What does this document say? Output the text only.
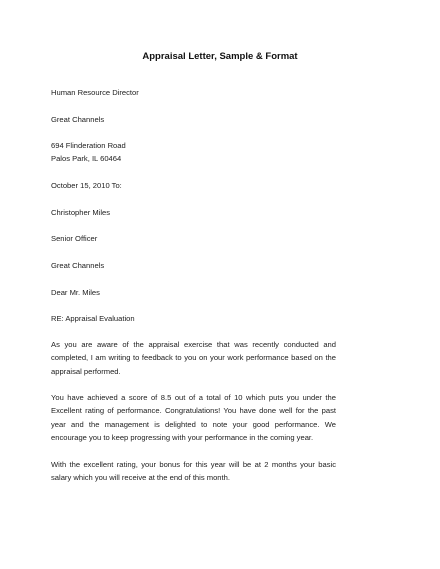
Appraisal Letter, Sample & Format
Human Resource Director
Great Channels
694 Flinderation Road
Palos Park, IL 60464
October 15, 2010 To:
Christopher Miles
Senior Officer
Great Channels
Dear Mr. Miles
RE: Appraisal Evaluation
As you are aware of the appraisal exercise that was recently conducted and completed, I am writing to feedback to you on your work performance based on the appraisal performed.
You have achieved a score of 8.5 out of a total of 10 which puts you under the Excellent rating of performance. Congratulations! You have done well for the past year and the management is delighted to note your good performance. We encourage you to keep progressing with your performance in the coming year.
With the excellent rating, your bonus for this year will be at 2 months your basic salary which you will receive at the end of this month.
